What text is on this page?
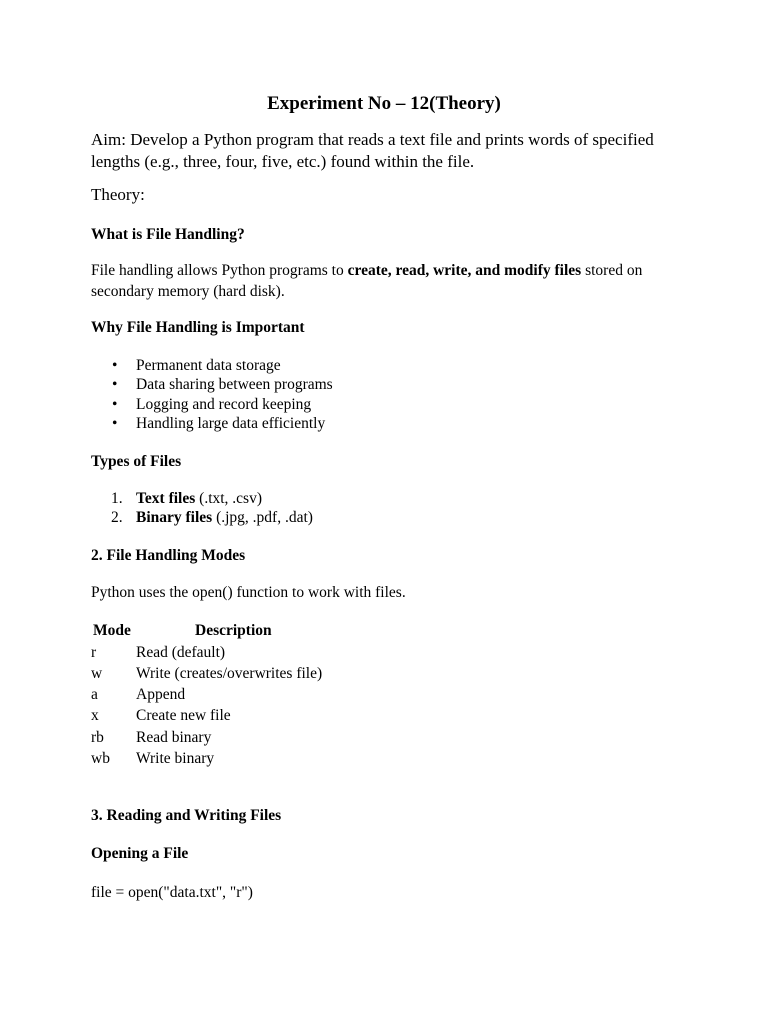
Experiment No – 12(Theory)
Aim: Develop a Python program that reads a text file and prints words of specified
lengths (e.g., three, four, five, etc.) found within the file.
Theory:
What is File Handling?
File handling allows Python programs to create, read, write, and modify files stored on
secondary memory (hard disk).
Why File Handling is Important
• Permanent data storage
• Data sharing between programs
• Logging and record keeping
• Handling large data efficiently
Types of Files
1. Text files (.txt, .csv)
2. Binary files (.jpg, .pdf, .dat)
2. File Handling Modes
Python uses the open() function to work with files.
Mode	Description
r	Read (default)
w Write (creates/overwrites file)
a Append
x Create new file
rb Read binary
wb Write binary
3. Reading and Writing Files
Opening a File
file = open("data.txt", "r")
